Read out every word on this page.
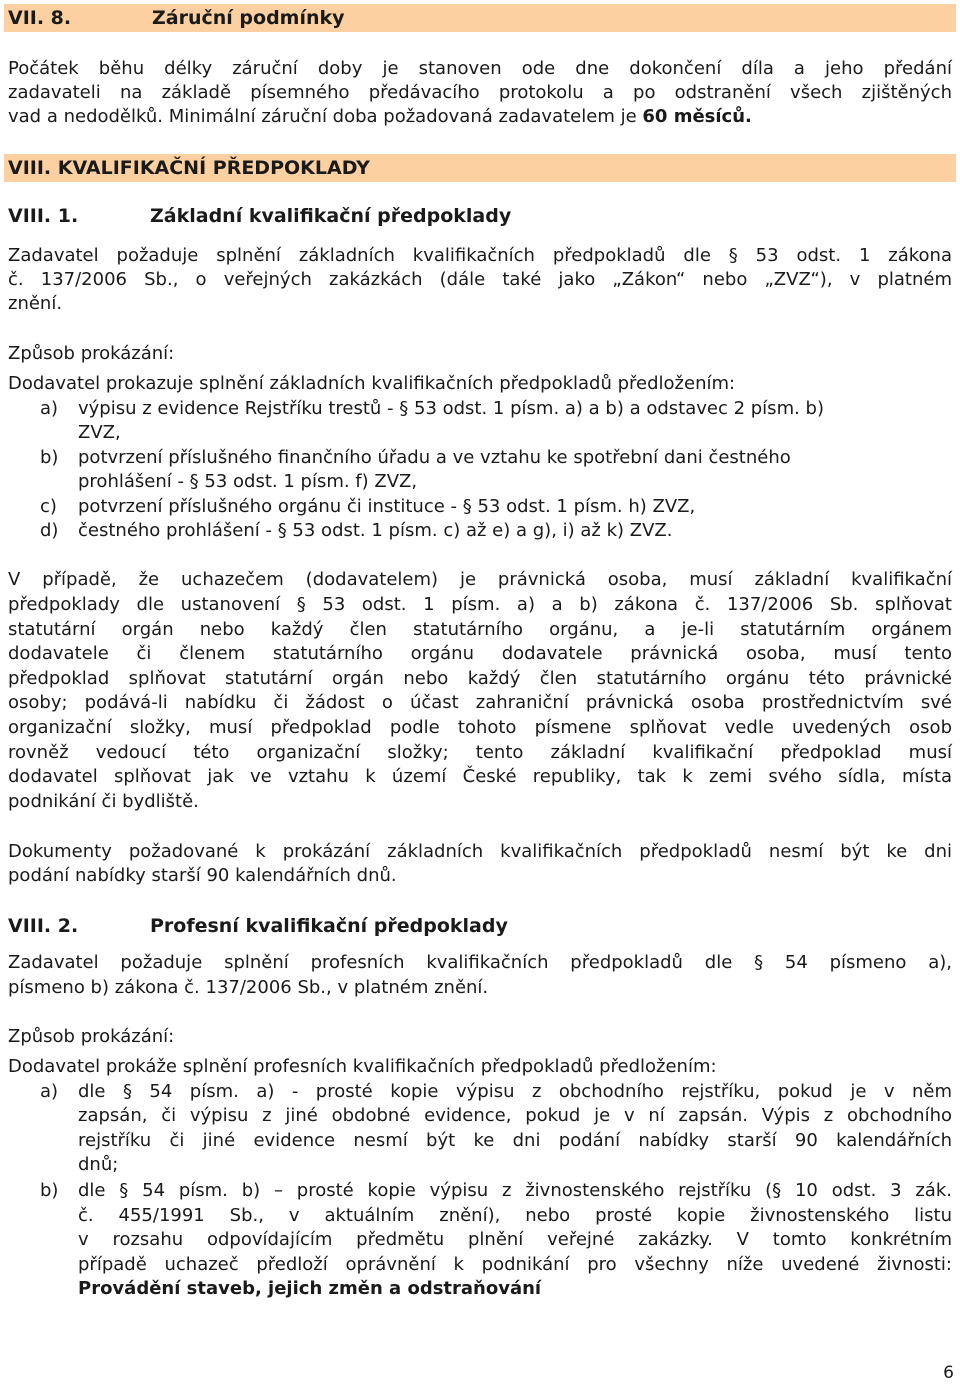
VII. 8.	Záruční podmínky
Počátek běhu délky záruční doby je stanoven ode dne dokončení díla a jeho předání
zadavateli na základě písemného předávacího protokolu a po odstranění všech zjištěných
vad a nedodělků. Minimální záruční doba požadovaná zadavatelem je 60 měsíců.
VIII. KVALIFIKAČNÍ PŘEDPOKLADY
VIII. 1.	Základní kvalifikační předpoklady
Zadavatel požaduje splnění základních kvalifikačních předpokladů dle § 53 odst. 1 zákona
č. 137/2006 Sb., o veřejných zakázkách (dále také jako „Zákon“ nebo „ZVZ“), v platném
znění.
Způsob prokázání:
Dodavatel prokazuje splnění základních kvalifikačních předpokladů předložením:
a) výpisu z evidence Rejstříku trestů - § 53 odst. 1 písm. a) a b) a odstavec 2 písm. b)
ZVZ,
b) potvrzení příslušného finančního úřadu a ve vztahu ke spotřební dani čestného
prohlášení - § 53 odst. 1 písm. f) ZVZ,
c) potvrzení příslušného orgánu či instituce - § 53 odst. 1 písm. h) ZVZ,
d) čestného prohlášení - § 53 odst. 1 písm. c) až e) a g), i) až k) ZVZ.
V případě, že uchazečem (dodavatelem) je právnická osoba, musí základní kvalifikační
předpoklady dle ustanovení § 53 odst. 1 písm. a) a b) zákona č. 137/2006 Sb. splňovat
statutární orgán nebo každý člen statutárního orgánu, a je-li statutárním orgánem
dodavatele či členem statutárního orgánu dodavatele právnická osoba, musí tento
předpoklad splňovat statutární orgán nebo každý člen statutárního orgánu této právnické
osoby; podává-li nabídku či žádost o účast zahraniční právnická osoba prostřednictvím své
organizační složky, musí předpoklad podle tohoto písmene splňovat vedle uvedených osob
rovněž vedoucí této organizační složky; tento základní kvalifikační předpoklad musí
dodavatel splňovat jak ve vztahu k území České republiky, tak k zemi svého sídla, místa
podnikání či bydliště.
Dokumenty požadované k prokázání základních kvalifikačních předpokladů nesmí být ke dni
podání nabídky starší 90 kalendářních dnů.
VIII. 2.	Profesní kvalifikační předpoklady
Zadavatel požaduje splnění profesních kvalifikačních předpokladů dle § 54 písmeno a),
písmeno b) zákona č. 137/2006 Sb., v platném znění.
Způsob prokázání:
Dodavatel prokáže splnění profesních kvalifikačních předpokladů předložením:
a) dle § 54 písm. a) - prosté kopie výpisu z obchodního rejstříku, pokud je v něm
zapsán, či výpisu z jiné obdobné evidence, pokud je v ní zapsán. Výpis z obchodního
rejstříku či jiné evidence nesmí být ke dni podání nabídky starší 90 kalendářních
dnů;
b) dle § 54 písm. b) – prosté kopie výpisu z živnostenského rejstříku (§ 10 odst. 3 zák.
č. 455/1991 Sb., v aktuálním znění), nebo prosté kopie živnostenského listu
v rozsahu odpovídajícím předmětu plnění veřejné zakázky. V tomto konkrétním
případě uchazeč předloží oprávnění k podnikání pro všechny níže uvedené živnosti:
Provádění staveb, jejich změn a odstraňování
6
